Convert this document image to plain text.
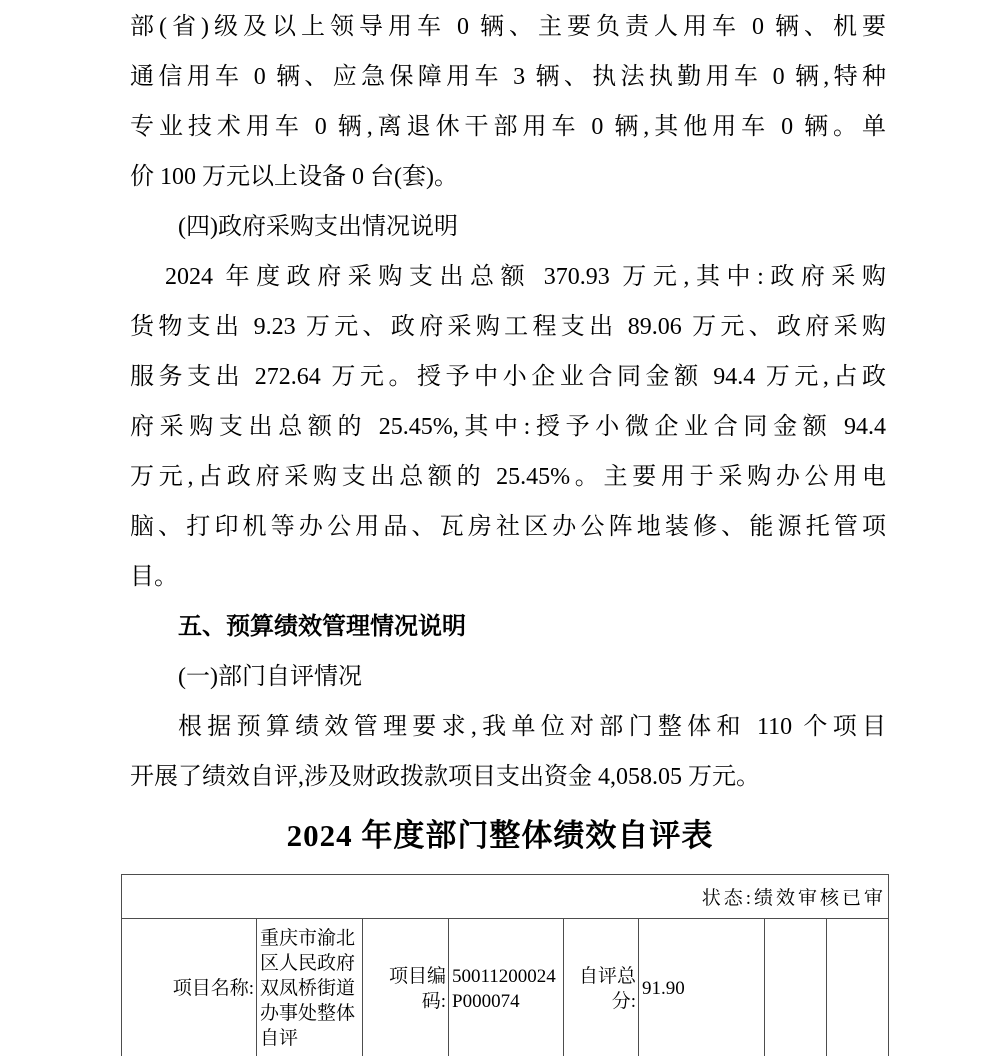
部(省)级及以上领导用车 0 辆、主要负责人用车 0 辆、机要
通信用车 0 辆、应急保障用车 3 辆、执法执勤用车 0 辆,特种
专业技术用车 0 辆,离退休干部用车 0 辆,其他用车 0 辆。单
价 100 万元以上设备 0 台(套)。
(四)政府采购支出情况说明
2024 年度政府采购支出总额 370.93 万元,其中:政府采购
货物支出 9.23 万元、政府采购工程支出 89.06 万元、政府采购
服务支出 272.64 万元。授予中小企业合同金额 94.4 万元,占政
府采购支出总额的 25.45%,其中:授予小微企业合同金额 94.4
万元,占政府采购支出总额的 25.45%。主要用于采购办公用电
脑、打印机等办公用品、瓦房社区办公阵地装修、能源托管项
目。
五、预算绩效管理情况说明
(一)部门自评情况
根据预算绩效管理要求,我单位对部门整体和 110 个项目
开展了绩效自评,涉及财政拨款项目支出资金 4,058.05 万元。
2024 年度部门整体绩效自评表
状态:绩效审核已审
项目名称:	重庆市渝北区人民政府双凤桥街道办事处整体自评	项目编码:	50011200024P000074	自评总分:	91.90		
